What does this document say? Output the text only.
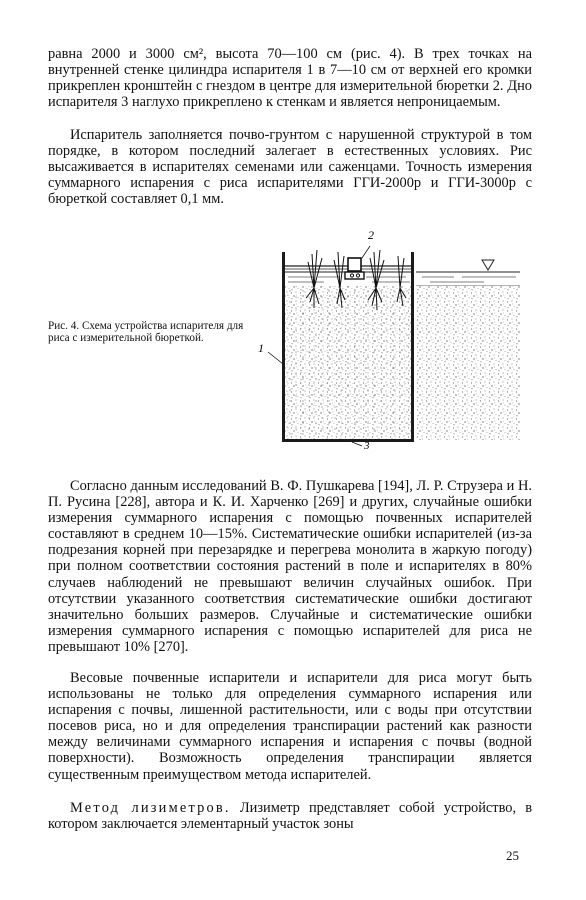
равна 2000 и 3000 см², высота 70—100 см (рис. 4). В трех точках на внутренней стенке цилиндра испарителя 1 в 7—10 см от верхней его кромки прикреплен кронштейн с гнездом в центре для измерительной бюретки 2. Дно испарителя 3 наглухо прикреплено к стенкам и является непроницаемым.

Испаритель заполняется почво-грунтом с нарушенной структурой в том порядке, в котором последний залегает в естественных условиях. Рис высаживается в испарителях семенами или саженцами. Точность измерения суммарного испарения с риса испарителями ГГИ-2000р и ГГИ-3000р с бюреткой составляет 0,1 мм.

Рис. 4. Схема устройства испарителя для риса с измерительной бюреткой.

2
1
3

Согласно данным исследований В. Ф. Пушкарева [194], Л. Р. Струзера и Н. П. Русина [228], автора и К. И. Харченко [269] и других, случайные ошибки измерения суммарного испарения с помощью почвенных испарителей составляют в среднем 10—15%. Систематические ошибки испарителей (из-за подрезания корней при перезарядке и перегрева монолита в жаркую погоду) при полном соответствии состояния растений в поле и испарителях в 80% случаев наблюдений не превышают величин случайных ошибок. При отсутствии указанного соответствия систематические ошибки достигают значительно больших размеров. Случайные и систематические ошибки измерения суммарного испарения с помощью испарителей для риса не превышают 10% [270].

Весовые почвенные испарители и испарители для риса могут быть использованы не только для определения суммарного испарения или испарения с почвы, лишенной растительности, или с воды при отсутствии посевов риса, но и для определения транспирации растений как разности между величинами суммарного испарения и испарения с почвы (водной поверхности). Возможность определения транспирации является существенным преимуществом метода испарителей.

Метод лизиметров. Лизиметр представляет собой устройство, в котором заключается элементарный участок зоны

25
